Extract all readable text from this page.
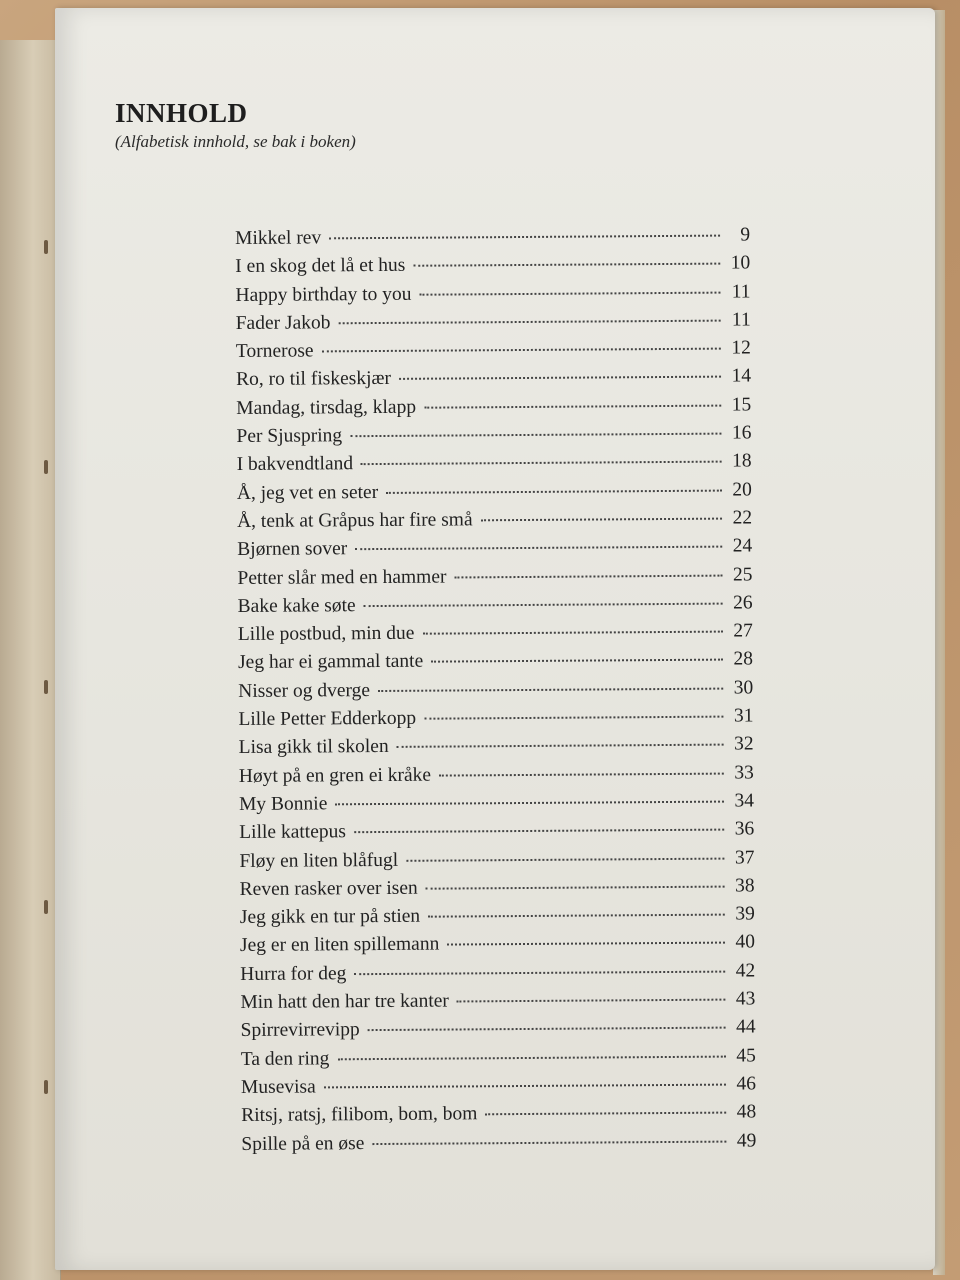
INNHOLD
(Alfabetisk innhold, se bak i boken)
Mikkel rev	9
I en skog det lå et hus	10
Happy birthday to you	11
Fader Jakob	11
Tornerose	12
Ro, ro til fiskeskjær	14
Mandag, tirsdag, klapp	15
Per Sjuspring	16
I bakvendtland	18
Å, jeg vet en seter	20
Å, tenk at Gråpus har fire små	22
Bjørnen sover	24
Petter slår med en hammer	25
Bake kake søte	26
Lille postbud, min due	27
Jeg har ei gammal tante	28
Nisser og dverge	30
Lille Petter Edderkopp	31
Lisa gikk til skolen	32
Høyt på en gren ei kråke	33
My Bonnie	34
Lille kattepus	36
Fløy en liten blåfugl	37
Reven rasker over isen	38
Jeg gikk en tur på stien	39
Jeg er en liten spillemann	40
Hurra for deg	42
Min hatt den har tre kanter	43
Spirrevirrevipp	44
Ta den ring	45
Musevisa	46
Ritsj, ratsj, filibom, bom, bom	48
Spille på en øse	49
